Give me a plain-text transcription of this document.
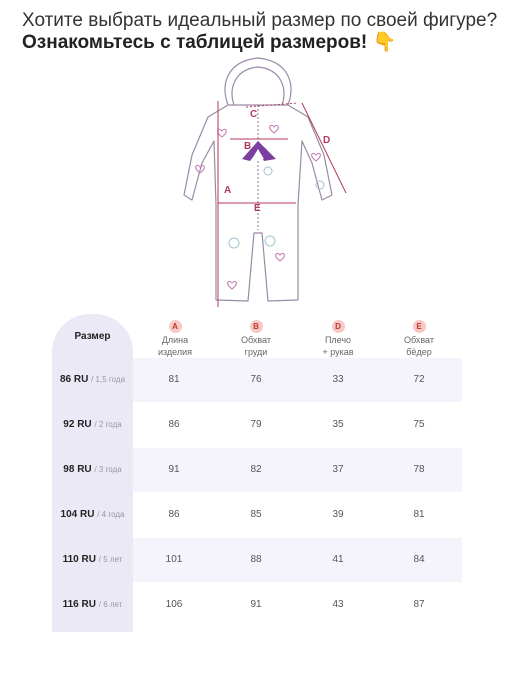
Хотите выбрать идеальный размер по своей фигуре?
Ознакомьтесь с таблицей размеров! 👇
C
B
D
A
E
Размер
A
Длина
изделия
B
Обхват
груди
D
Плечо
+ рукав
E
Обхват
бёдер
86 RU / 1,5 года	81	76	33	72
92 RU / 2 года	86	79	35	75
98 RU / 3 года	91	82	37	78
104 RU / 4 года	86	85	39	81
110 RU / 5 лет	101	88	41	84
116 RU / 6 лет	106	91	43	87
